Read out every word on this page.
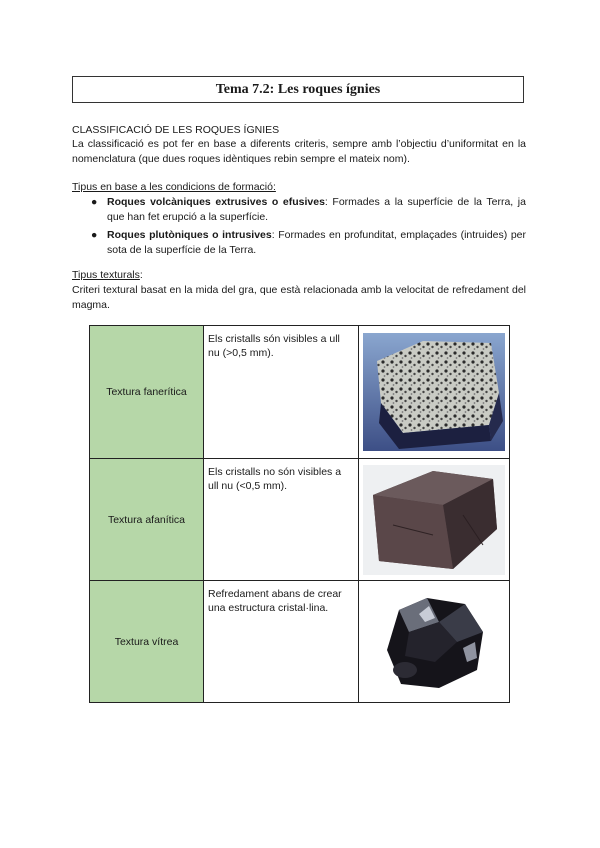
Tema 7.2: Les roques ígnies
CLASSIFICACIÓ DE LES ROQUES ÍGNIES
La classificació es pot fer en base a diferents criteris, sempre amb l’objectiu d’uniformitat en la nomenclatura (que dues roques idèntiques rebin sempre el mateix nom).
Tipus en base a les condicions de formació:
● Roques volcàniques extrusives o efusives: Formades a la superfície de la Terra, ja que han fet erupció a la superfície.
● Roques plutòniques o intrusives: Formades en profunditat, emplaçades (intruides) per sota de la superfície de la Terra.
Tipus texturals:
Criteri textural basat en la mida del gra, que està relacionada amb la velocitat de refredament del magma.
Textura fanerítica	Els cristalls són visibles a ull nu (>0,5 mm).	

Textura afanítica	Els cristalls no són visibles a ull nu (<0,5 mm).	

Textura vítrea	Refredament abans de crear una estructura cristal·lina.	
